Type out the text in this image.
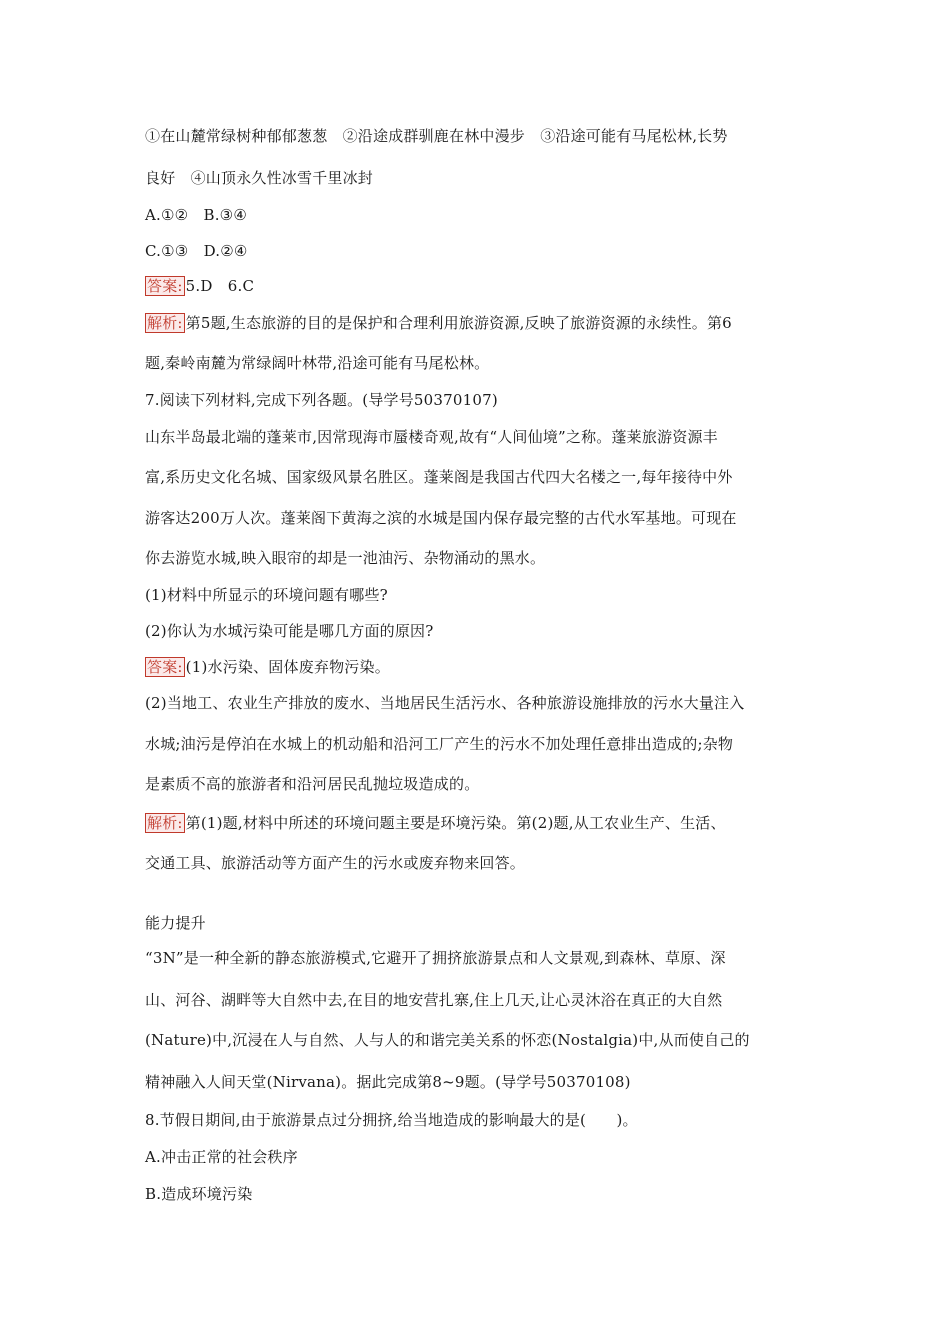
①在山麓常绿树种郁郁葱葱　②沿途成群驯鹿在林中漫步　③沿途可能有马尾松林,长势
良好　④山顶永久性冰雪千里冰封
A.①②　B.③④
C.①③　D.②④
答案: 5.D　6.C
解析: 第5题,生态旅游的目的是保护和合理利用旅游资源,反映了旅游资源的永续性。第6
题,秦岭南麓为常绿阔叶林带,沿途可能有马尾松林。
7.阅读下列材料,完成下列各题。(导学号50370107)
山东半岛最北端的蓬莱市,因常现海市蜃楼奇观,故有“人间仙境”之称。蓬莱旅游资源丰
富,系历史文化名城、国家级风景名胜区。蓬莱阁是我国古代四大名楼之一,每年接待中外
游客达200万人次。蓬莱阁下黄海之滨的水城是国内保存最完整的古代水军基地。可现在
你去游览水城,映入眼帘的却是一池油污、杂物涌动的黑水。
(1)材料中所显示的环境问题有哪些?
(2)你认为水城污染可能是哪几方面的原因?
答案: (1)水污染、固体废弃物污染。
(2)当地工、农业生产排放的废水、当地居民生活污水、各种旅游设施排放的污水大量注入
水城;油污是停泊在水城上的机动船和沿河工厂产生的污水不加处理任意排出造成的;杂物
是素质不高的旅游者和沿河居民乱抛垃圾造成的。
解析: 第(1)题,材料中所述的环境问题主要是环境污染。第(2)题,从工农业生产、生活、
交通工具、旅游活动等方面产生的污水或废弃物来回答。
能力提升
“3N”是一种全新的静态旅游模式,它避开了拥挤旅游景点和人文景观,到森林、草原、深
山、河谷、湖畔等大自然中去,在目的地安营扎寨,住上几天,让心灵沐浴在真正的大自然
(Nature)中,沉浸在人与自然、人与人的和谐完美关系的怀恋(Nostalgia)中,从而使自己的
精神融入人间天堂(Nirvana)。据此完成第8~9题。(导学号50370108)
8.节假日期间,由于旅游景点过分拥挤,给当地造成的影响最大的是(　　)。
A.冲击正常的社会秩序
B.造成环境污染
